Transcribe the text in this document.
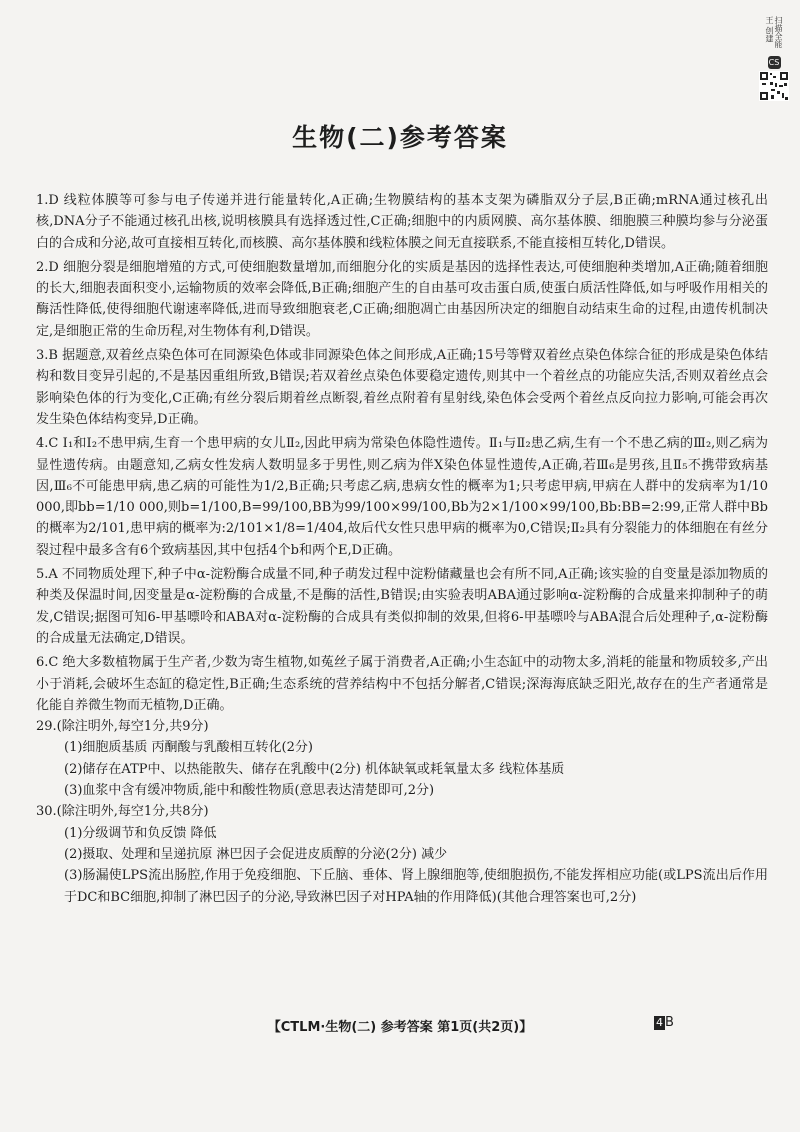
扫描全能王 创建
CS
生物(二)参考答案

1.D 线粒体膜等可参与电子传递并进行能量转化,A正确;生物膜结构的基本支架为磷脂双分子层,B正确;mRNA通过核孔出核,DNA分子不能通过核孔出核,说明核膜具有选择透过性,C正确;细胞中的内质网膜、高尔基体膜、细胞膜三种膜均参与分泌蛋白的合成和分泌,故可直接相互转化,而核膜、高尔基体膜和线粒体膜之间无直接联系,不能直接相互转化,D错误。

2.D 细胞分裂是细胞增殖的方式,可使细胞数量增加,而细胞分化的实质是基因的选择性表达,可使细胞种类增加,A正确;随着细胞的长大,细胞表面积变小,运输物质的效率会降低,B正确;细胞产生的自由基可攻击蛋白质,使蛋白质活性降低,如与呼吸作用相关的酶活性降低,使得细胞代谢速率降低,进而导致细胞衰老,C正确;细胞凋亡由基因所决定的细胞自动结束生命的过程,由遗传机制决定,是细胞正常的生命历程,对生物体有利,D错误。

3.B 据题意,双着丝点染色体可在同源染色体或非同源染色体之间形成,A正确;15号等臂双着丝点染色体综合征的形成是染色体结构和数目变异引起的,不是基因重组所致,B错误;若双着丝点染色体要稳定遗传,则其中一个着丝点的功能应失活,否则双着丝点会影响染色体的行为变化,C正确;有丝分裂后期着丝点断裂,着丝点附着有星射线,染色体会受两个着丝点反向拉力影响,可能会再次发生染色体结构变异,D正确。

4.C Ⅰ₁和Ⅰ₂不患甲病,生育一个患甲病的女儿Ⅱ₂,因此甲病为常染色体隐性遗传。Ⅱ₁与Ⅱ₂患乙病,生有一个不患乙病的Ⅲ₂,则乙病为显性遗传病。由题意知,乙病女性发病人数明显多于男性,则乙病为伴X染色体显性遗传,A正确,若Ⅲ₆是男孩,且Ⅱ₅不携带致病基因,Ⅲ₆不可能患甲病,患乙病的可能性为1/2,B正确;只考虑乙病,患病女性的概率为1;只考虑甲病,甲病在人群中的发病率为1/10 000,即bb=1/10 000,则b=1/100,B=99/100,BB为99/100×99/100,Bb为2×1/100×99/100,Bb:BB=2:99,正常人群中Bb的概率为2/101,患甲病的概率为:2/101×1/8=1/404,故后代女性只患甲病的概率为0,C错误;Ⅱ₂具有分裂能力的体细胞在有丝分裂过程中最多含有6个致病基因,其中包括4个b和两个E,D正确。

5.A 不同物质处理下,种子中α-淀粉酶合成量不同,种子萌发过程中淀粉储藏量也会有所不同,A正确;该实验的自变量是添加物质的种类及保温时间,因变量是α-淀粉酶的合成量,不是酶的活性,B错误;由实验表明ABA通过影响α-淀粉酶的合成量来抑制种子的萌发,C错误;据图可知6-甲基嘌呤和ABA对α-淀粉酶的合成具有类似抑制的效果,但将6-甲基嘌呤与ABA混合后处理种子,α-淀粉酶的合成量无法确定,D错误。

6.C 绝大多数植物属于生产者,少数为寄生植物,如菟丝子属于消费者,A正确;小生态缸中的动物太多,消耗的能量和物质较多,产出小于消耗,会破坏生态缸的稳定性,B正确;生态系统的营养结构中不包括分解者,C错误;深海海底缺乏阳光,故存在的生产者通常是化能自养微生物而无植物,D正确。

29.(除注明外,每空1分,共9分)

(1)细胞质基质 丙酮酸与乳酸相互转化(2分)

(2)储存在ATP中、以热能散失、储存在乳酸中(2分) 机体缺氧或耗氧量太多 线粒体基质

(3)血浆中含有缓冲物质,能中和酸性物质(意思表达清楚即可,2分)

30.(除注明外,每空1分,共8分)

(1)分级调节和负反馈 降低

(2)摄取、处理和呈递抗原 淋巴因子会促进皮质醇的分泌(2分) 减少

(3)肠漏使LPS流出肠腔,作用于免疫细胞、下丘脑、垂体、肾上腺细胞等,使细胞损伤,不能发挥相应功能(或LPS流出后作用于DC和BC细胞,抑制了淋巴因子的分泌,导致淋巴因子对HPA轴的作用降低)(其他合理答案也可,2分)

【CTLM·生物(二) 参考答案 第1页(共2页)】	4 B
